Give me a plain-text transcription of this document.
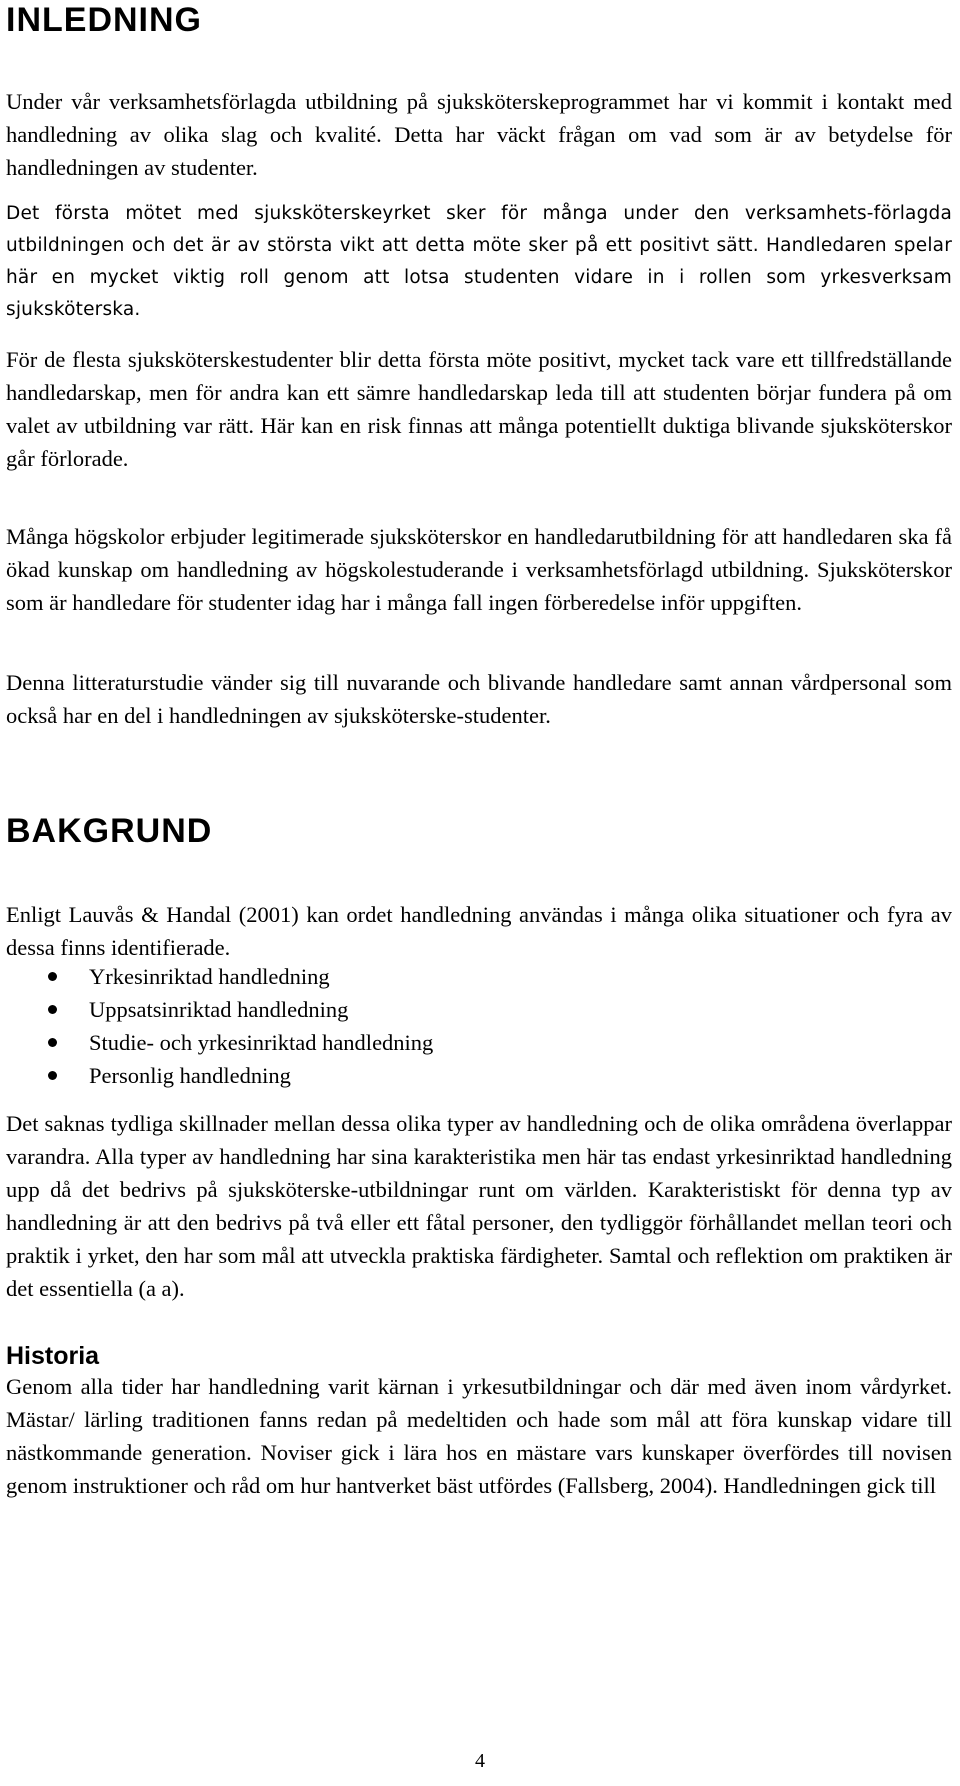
INLEDNING

Under vår verksamhetsförlagda utbildning på sjuksköterskeprogrammet har vi kommit i kontakt med handledning av olika slag och kvalité. Detta har väckt frågan om vad som är av betydelse för handledningen av studenter.

Det första mötet med sjuksköterskeyrket sker för många under den verksamhets-förlagda utbildningen och det är av största vikt att detta möte sker på ett positivt sätt. Handledaren spelar här en mycket viktig roll genom att lotsa studenten vidare in i rollen som yrkesverksam sjuksköterska.

För de flesta sjuksköterskestudenter blir detta första möte positivt, mycket tack vare ett tillfredställande handledarskap, men för andra kan ett sämre handledarskap leda till att studenten börjar fundera på om valet av utbildning var rätt. Här kan en risk finnas att många potentiellt duktiga blivande sjuksköterskor går förlorade.

Många högskolor erbjuder legitimerade sjuksköterskor en handledarutbildning för att handledaren ska få ökad kunskap om handledning av högskolestuderande i verksamhetsförlagd utbildning. Sjuksköterskor som är handledare för studenter idag har i många fall ingen förberedelse inför uppgiften.

Denna litteraturstudie vänder sig till nuvarande och blivande handledare samt annan vårdpersonal som också har en del i handledningen av sjuksköterske-studenter.

BAKGRUND

Enligt Lauvås & Handal (2001) kan ordet handledning användas i många olika situationer och fyra av dessa finns identifierade.

Yrkesinriktad handledning
Uppsatsinriktad handledning
Studie- och yrkesinriktad handledning
Personlig handledning

Det saknas tydliga skillnader mellan dessa olika typer av handledning och de olika områdena överlappar varandra. Alla typer av handledning har sina karakteristika men här tas endast yrkesinriktad handledning upp då det bedrivs på sjuksköterske-utbildningar runt om världen. Karakteristiskt för denna typ av handledning är att den bedrivs på två eller ett fåtal personer, den tydliggör förhållandet mellan teori och praktik i yrket, den har som mål att utveckla praktiska färdigheter. Samtal och reflektion om praktiken är det essentiella (a a).

Historia

Genom alla tider har handledning varit kärnan i yrkesutbildningar och där med även inom vårdyrket. Mästar/ lärling traditionen fanns redan på medeltiden och hade som mål att föra kunskap vidare till nästkommande generation. Noviser gick i lära hos en mästare vars kunskaper överfördes till novisen genom instruktioner och råd om hur hantverket bäst utfördes (Fallsberg, 2004). Handledningen gick till

4
